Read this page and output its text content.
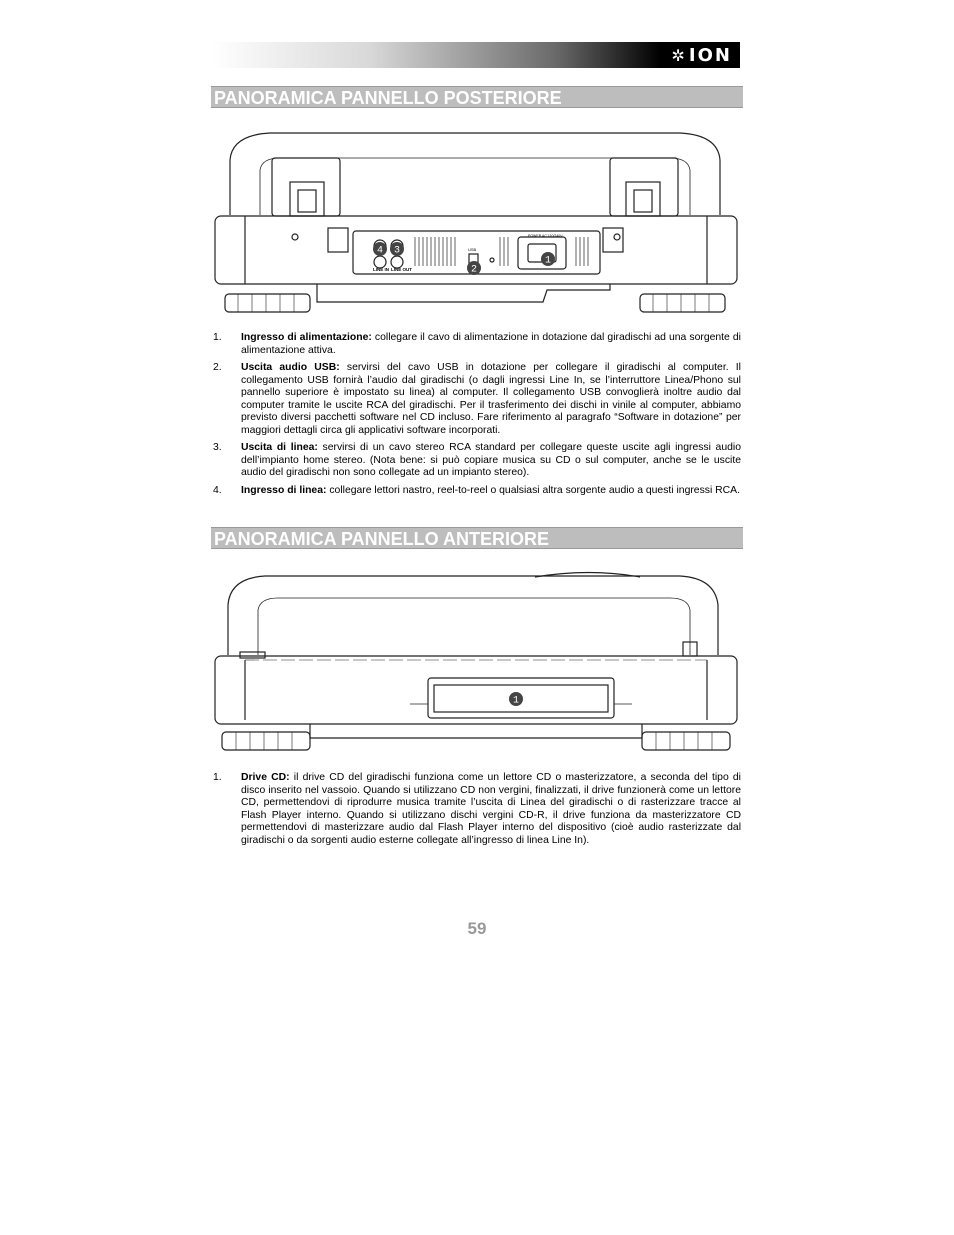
✲ ION
PANORAMICA PANNELLO POSTERIORE
LINE IN LINE OUT
USB
POWER AC 110/240V
4 3
2
1
1. Ingresso di alimentazione: collegare il cavo di alimentazione in dotazione dal giradischi ad una sorgente di alimentazione attiva.
2. Uscita audio USB: servirsi del cavo USB in dotazione per collegare il giradischi al computer. Il collegamento USB fornirà l’audio dal giradischi (o dagli ingressi Line In, se l’interruttore Linea/Phono sul pannello superiore è impostato su linea) al computer. Il collegamento USB convoglierà inoltre audio dal computer tramite le uscite RCA del giradischi. Per il trasferimento dei dischi in vinile al computer, abbiamo previsto diversi pacchetti software nel CD incluso. Fare riferimento al paragrafo “Software in dotazione” per maggiori dettagli circa gli applicativi software incorporati.
3. Uscita di linea: servirsi di un cavo stereo RCA standard per collegare queste uscite agli ingressi audio dell’impianto home stereo. (Nota bene: si può copiare musica su CD o sul computer, anche se le uscite audio del giradischi non sono collegate ad un impianto stereo).
4. Ingresso di linea: collegare lettori nastro, reel-to-reel o qualsiasi altra sorgente audio a questi ingressi RCA.
PANORAMICA PANNELLO ANTERIORE
1
1. Drive CD: il drive CD del giradischi funziona come un lettore CD o masterizzatore, a seconda del tipo di disco inserito nel vassoio. Quando si utilizzano CD non vergini, finalizzati, il drive funzionerà come un lettore CD, permettendovi di riprodurre musica tramite l’uscita di Linea del giradischi o di rasterizzare tracce al Flash Player interno. Quando si utilizzano dischi vergini CD-R, il drive funziona da masterizzatore CD permettendovi di masterizzare audio dal Flash Player interno del dispositivo (cioè audio rasterizzate dal giradischi o da sorgenti audio esterne collegate all’ingresso di linea Line In).
59
